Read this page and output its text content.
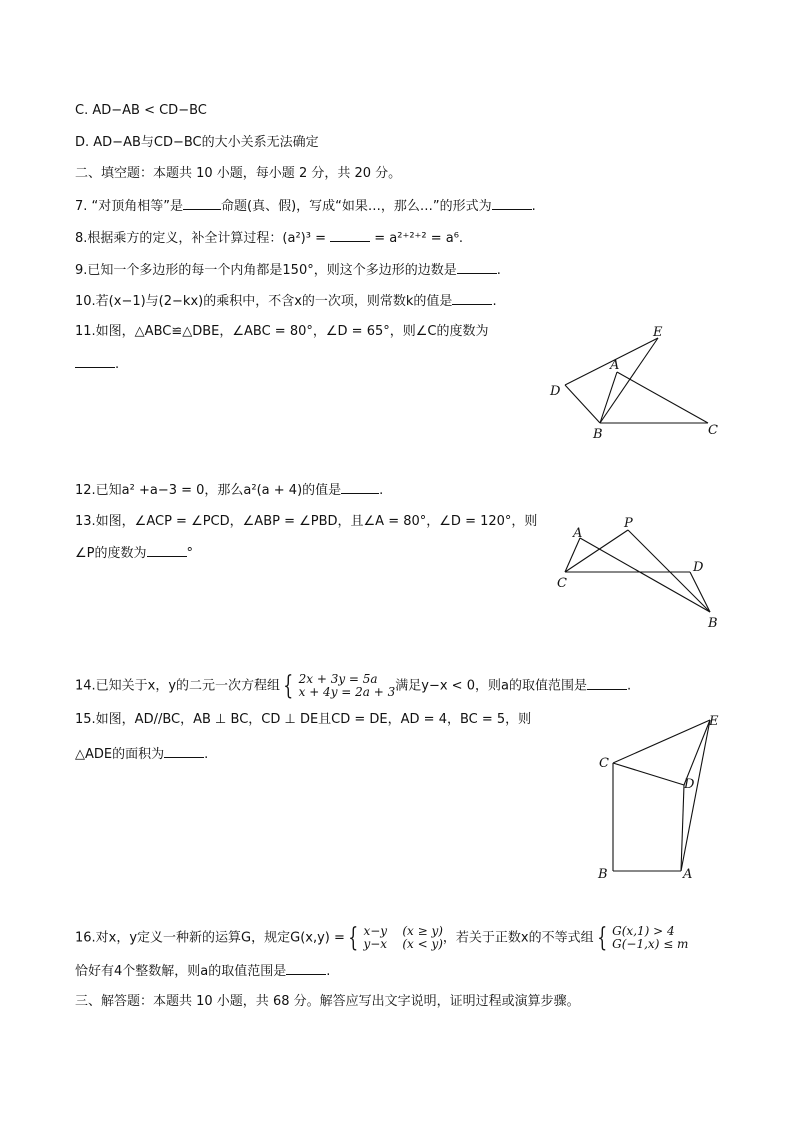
C. AD−AB < CD−BC
D. AD−AB与CD−BC的大小关系无法确定
二、填空题：本题共 10 小题，每小题 2 分，共 20 分。
7. “对顶角相等”是	命题(真、假)，写成“如果…，那么…”的形式为	.
8.根据乘方的定义，补全计算过程：(a²)³ =	= a²⁺²⁺² = a⁶.
9.已知一个多边形的每一个内角都是150°，则这个多边形的边数是	.
10.若(x−1)与(2−kx)的乘积中，不含x的一次项，则常数k的值是	.
11.如图，△ABC≌△DBE，∠ABC = 80°，∠D = 65°，则∠C的度数为
.
E
A
D
B	C
12.已知a² +a−3 = 0，那么a²(a + 4)的值是	.
13.如图，∠ACP = ∠PCD，∠ABP = ∠PBD，且∠A = 80°，∠D = 120°，则
∠P的度数为	°
A
P
D
C
B
14.已知关于x，y的二元一次方程组 { 2x + 3y = 5a
x + 4y = 2a + 3 满足y−x < 0，则a的取值范围是	.
15.如图，AD//BC，AB ⊥ BC，CD ⊥ DE且CD = DE，AD = 4，BC = 5，则
△ADE的面积为	.
E
C
D
B	A
16.对x，y定义一种新的运算G，规定G(x,y) = { x−y    (x ≥ y)
y−x    (x < y) ，若关于正数x的不等式组 { G(x,1) > 4
G(−1,x) ≤ m
恰好有4个整数解，则a的取值范围是	.
三、解答题：本题共 10 小题，共 68 分。解答应写出文字说明，证明过程或演算步骤。
